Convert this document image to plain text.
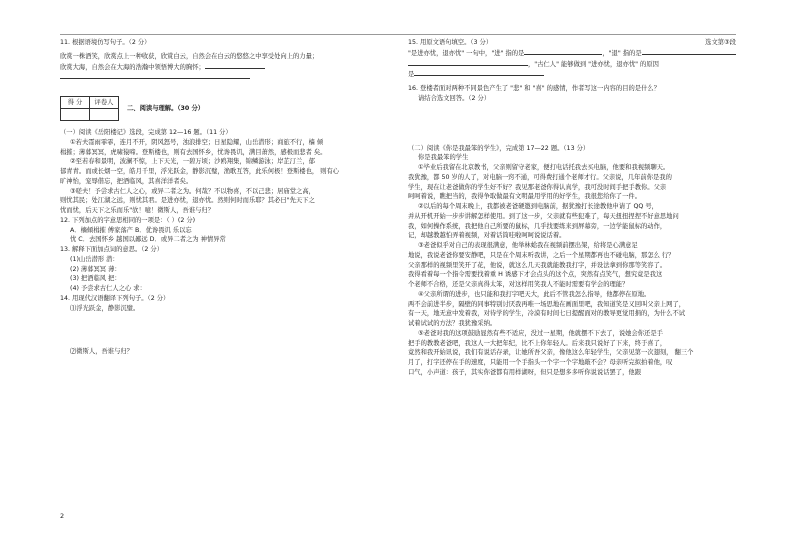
11. 根据语境仿写句子。（2 分）

欣赏一株酒笑，欣赏点上一种收获，欣赏白云，自然会在白云的悠悠之中享受处向上的力量；

欣赏大海，自然会在大海的浩瀚中领悟博大的胸怀；

得 分	评卷人

二、阅读与理解。（30 分）

（一）阅读《岳阳楼记》选段，完成第 12—16 题。（11 分）

①若夫霪雨霏霏，连月不开，阴风怒号，浊浪排空；日星隐耀，山岳潜形；商旅不行，樯 倾

楫摧；薄暮冥冥，虎啸猿啼。登斯楼也，则有去国怀乡，忧谗畏讥，满目萧然，感极而悲者 矣。

②至若春和景明，波澜不惊，上下天光，一碧万顷；沙鸥翔集，锦鳞游泳；岸芷汀兰，郁

郁青青。而或长烟一空，皓月千里，浮光跃金，静影沉璧，渔歌互答，此乐何极！登斯楼也， 则有心

旷神怡，宠辱偕忘，把酒临风，其喜洋洋者矣。

③嗟夫！予尝求古仁人之心，或异二者之为。何哉？不以物喜，不以己悲；居庙堂之高，

则忧其民；处江湖之远，则忧其君。是进亦忧，退亦忧。然则何时而乐耶？其必曰"先天下之

忧而忧，后天下之乐而乐"欤！噫！微斯人，吾谁与归？

12. 下列加点的字意思相同的一项是：（ ）(2 分)

A．檣傾楫摧 傅家落产 B．优谗畏讥 乐以忘

忧 C．去国怀乡 越国以鄙远 D．或异二者之为 神情异常

13. 解释下面加点词的意思。（2 分）

(1)山岳潜形 潜：

(2) 薄暮冥冥 薄：

(3) 把酒临风 把：

(4) 予尝求古仁人之心 求：

14. 用现代汉语翻译下列句子。（2 分）

⑴浮光跃金，静影沉璧。

⑵微斯人，吾谁与归？

15. 用原文语句填空。（3 分）	选文第③段

"是进亦忧，退亦忧" 一句中，"进" 指的是	，"退" 指的是

，"古仁人" 能够做到 "进亦忧，退亦忧" 的原因

是

16. 登楼者面对两种不同景色产生了 "悲" 和 "喜" 的感情，作者写这一内容的目的是什么？

请结合选文回答。（2 分）

（二）阅读《你是我最笨的学生》，完成第 17—22 题。（13 分）

你是我最笨的学生

①毕业后我留在北京教书，父亲则留守老家，便打电话托我去买电脑，他要和我视频聊天。

我犹豫，都 50 岁的人了，对电脑一窍不通，可得费打通个老师才行。父亲说，几年前你是我的

学生，现在让老爸做你的学生好不好？我见那老爸你得认真学，我可没时间手把手教你。父亲

呵呵着说，瞧把当的，我得争取做最有文明最用学用的好学生，我很您给你了一件。

②以后的每个周末晚上，我都被老爸硬邀到电脑前，据犹豫打长途教他申请了 QQ 号，

并从开机开始一步步讲解怎样使用。到了这一步，父亲就有些犯难了，每天扭扭捏捏不好意思地问

我，如何操作系统，我把他自己所要的鼠标，几乎找要练来到屏幕旁，一边学能鼠标的动作，

记，却越教越怕弄着视频，对着话筒哇啦呵呵说说话着。

③老爸似乎对自己的表现很满意，他举林蛤我在视频前摆出架，给将是心满意足

地说，我说老爸你要安静吧，只是在个周末听我讲，之后一个星期都再也不碰电脑，那怎么 行？

父亲那样的视频里笑开了花，他说，就这么几天我就能教我打字，并设法拿到你那等笑容了。

我得看着每一个指令需要找着重 H 诱感下才会点头的这个点，突然有点笑气，想究竟是我这

个老师不合格，还是父亲真得太笨，对这样用笑我人不能时需要有学会的理能？

④父亲所谓的进步，也只能和我打字吧天大，此后不管我怎么指导，他都停在原地。

两不会前进半步，隔壁的同事特别讨厌我再唯一场思地在画面里吧，我知道笑是又回叫父亲上网了，

有一天，地无意中发着我，对待学的学生，冷漠有时间七日提醒面对的教导更觉用捐的，为什么不试

试着试试的方法？我犹豫采纳。

⑤老爸对我的这项鼓励显然有些不适应，没过一星期，他就摆不下去了，说她会你还是手

把手的教教老爸吧，我这人一大把年纪，比不上你年轻人。后来我只说好了下来，终于喜了，

竟然和我开始讯说，我们有说话存录，让她所吾父亲，像他这么年轻学生，父亲见第一次翅刻， 翻三个

月了，打字还停在手的速度，只能用一个手指头一个字一个字地敲不会？母亲听完拟拍着他，叹

口气，小声道：孩子，其实你爸都有用样湖呀，但只是想多多听你说说话罢了，他跟

2
